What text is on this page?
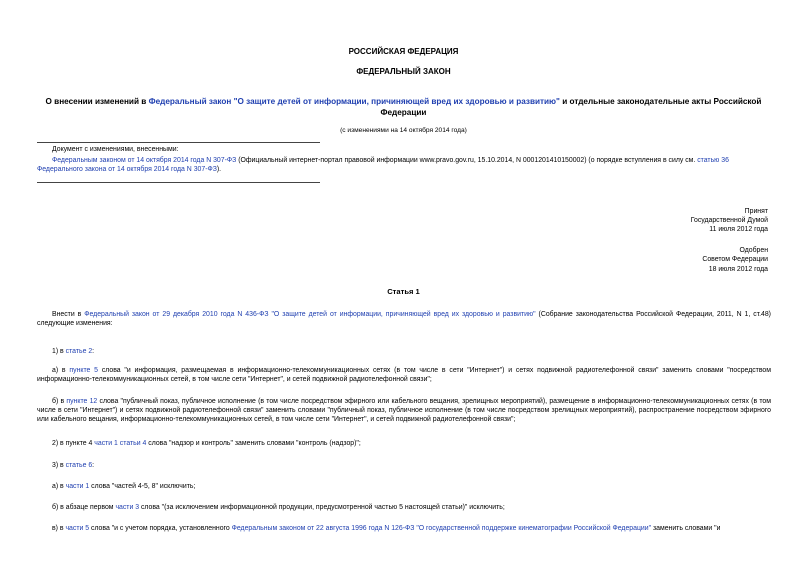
РОССИЙСКАЯ ФЕДЕРАЦИЯ
ФЕДЕРАЛЬНЫЙ ЗАКОН
О внесении изменений в Федеральный закон "О защите детей от информации, причиняющей вред их здоровью и развитию" и отдельные законодательные акты Российской Федерации
(с изменениями на 14 октября 2014 года)
Документ с изменениями, внесенными:
Федеральным законом от 14 октября 2014 года N 307-ФЗ (Официальный интернет-портал правовой информации www.pravo.gov.ru, 15.10.2014, N 0001201410150002) (о порядке вступления в силу см. статью 36 Федерального закона от 14 октября 2014 года N 307-ФЗ).
Принят
Государственной Думой
11 июля 2012 года
Одобрен
Советом Федерации
18 июля 2012 года
Статья 1
Внести в Федеральный закон от 29 декабря 2010 года N 436-ФЗ "О защите детей от информации, причиняющей вред их здоровью и развитию" (Собрание законодательства Российской Федерации, 2011, N 1, ст.48) следующие изменения:
1) в статье 2:
а) в пункте 5 слова "и информация, размещаемая в информационно-телекоммуникационных сетях (в том числе в сети "Интернет") и сетях подвижной радиотелефонной связи" заменить словами "посредством информационно-телекоммуникационных сетей, в том числе сети "Интернет", и сетей подвижной радиотелефонной связи";
б) в пункте 12 слова "публичный показ, публичное исполнение (в том числе посредством эфирного или кабельного вещания, зрелищных мероприятий), размещение в информационно-телекоммуникационных сетях (в том числе в сети "Интернет") и сетях подвижной радиотелефонной связи" заменить словами "публичный показ, публичное исполнение (в том числе посредством зрелищных мероприятий), распространение посредством эфирного или кабельного вещания, информационно-телекоммуникационных сетей, в том числе сети "Интернет", и сетей подвижной радиотелефонной связи";
2) в пункте 4 части 1 статьи 4 слова "надзор и контроль" заменить словами "контроль (надзор)";
3) в статье 6:
а) в части 1 слова "частей 4-5, 8" исключить;
б) в абзаце первом части 3 слова "(за исключением информационной продукции, предусмотренной частью 5 настоящей статьи)" исключить;
в) в части 5 слова "и с учетом порядка, установленного Федеральным законом от 22 августа 1996 года N 126-ФЗ "О государственной поддержке кинематографии Российской Федерации" заменить словами "и
